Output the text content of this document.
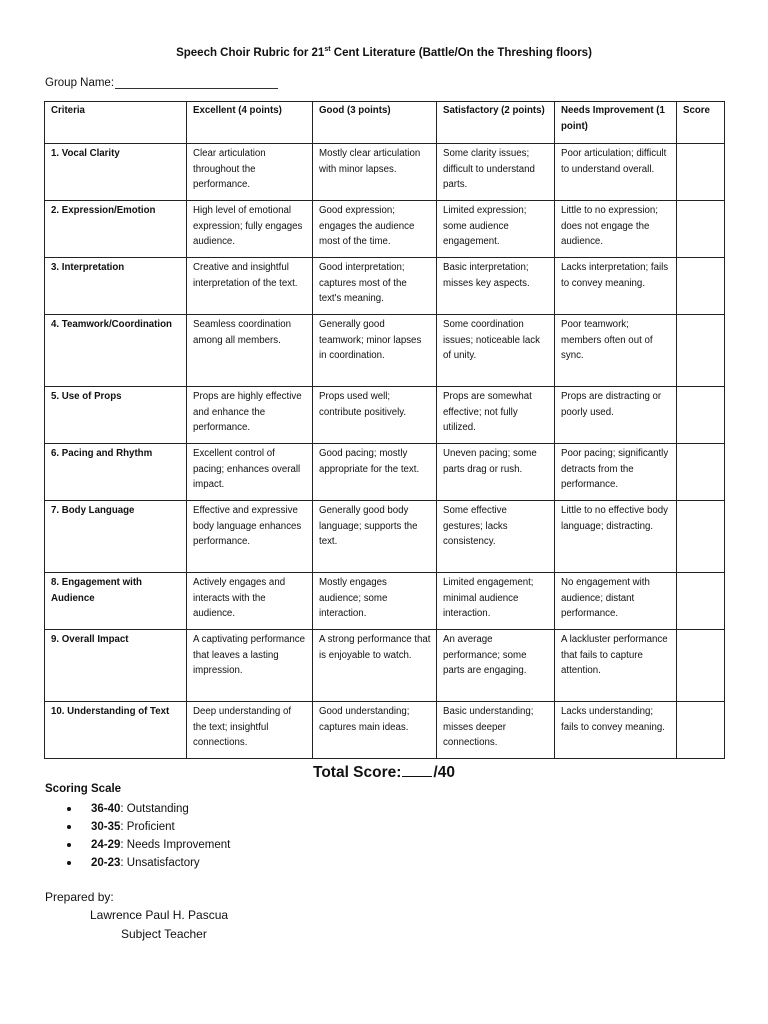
Speech Choir Rubric for 21st Cent Literature (Battle/On the Threshing floors)
Group Name:
Criteria	Excellent (4 points)	Good (3 points)	Satisfactory (2 points)	Needs Improvement (1 point)	Score
1. Vocal Clarity	Clear articulation throughout the performance.	Mostly clear articulation with minor lapses.	Some clarity issues; difficult to understand parts.	Poor articulation; difficult to understand overall.	
2. Expression/Emotion	High level of emotional expression; fully engages audience.	Good expression; engages the audience most of the time.	Limited expression; some audience engagement.	Little to no expression; does not engage the audience.	
3. Interpretation	Creative and insightful interpretation of the text.	Good interpretation; captures most of the text's meaning.	Basic interpretation; misses key aspects.	Lacks interpretation; fails to convey meaning.	
4. Teamwork/Coordination	Seamless coordination among all members.	Generally good teamwork; minor lapses in coordination.	Some coordination issues; noticeable lack of unity.	Poor teamwork; members often out of sync.	
5. Use of Props	Props are highly effective and enhance the performance.	Props used well; contribute positively.	Props are somewhat effective; not fully utilized.	Props are distracting or poorly used.	
6. Pacing and Rhythm	Excellent control of pacing; enhances overall impact.	Good pacing; mostly appropriate for the text.	Uneven pacing; some parts drag or rush.	Poor pacing; significantly detracts from the performance.	
7. Body Language	Effective and expressive body language enhances performance.	Generally good body language; supports the text.	Some effective gestures; lacks consistency.	Little to no effective body language; distracting.	
8. Engagement with Audience	Actively engages and interacts with the audience.	Mostly engages audience; some interaction.	Limited engagement; minimal audience interaction.	No engagement with audience; distant performance.	
9. Overall Impact	A captivating performance that leaves a lasting impression.	A strong performance that is enjoyable to watch.	An average performance; some parts are engaging.	A lackluster performance that fails to capture attention.	
10. Understanding of Text	Deep understanding of the text; insightful connections.	Good understanding; captures main ideas.	Basic understanding; misses deeper connections.	Lacks understanding; fails to convey meaning.	
Total Score: /40
Scoring Scale
36-40: Outstanding
30-35: Proficient
24-29: Needs Improvement
20-23: Unsatisfactory
Prepared by:
Lawrence Paul H. Pascua
Subject Teacher
